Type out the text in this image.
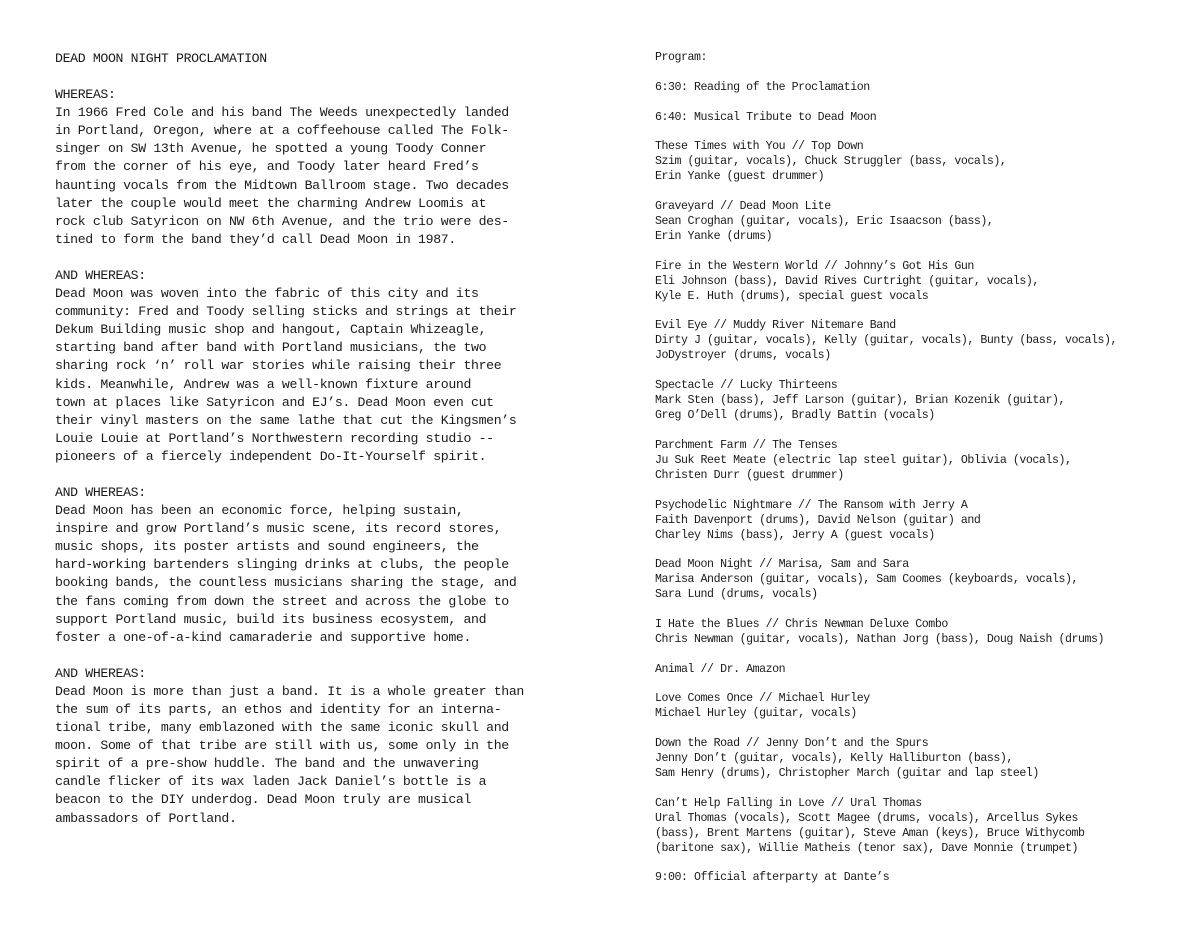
DEAD MOON NIGHT PROCLAMATION
WHEREAS:

In 1966 Fred Cole and his band The Weeds unexpectedly landed

in Portland, Oregon, where at a coffeehouse called The Folk-

singer on SW 13th Avenue, he spotted a young Toody Conner

from the corner of his eye, and Toody later heard Fred’s

haunting vocals from the Midtown Ballroom stage. Two decades

later the couple would meet the charming Andrew Loomis at

rock club Satyricon on NW 6th Avenue, and the trio were des-

tined to form the band they’d call Dead Moon in 1987.

AND WHEREAS:

Dead Moon was woven into the fabric of this city and its

community: Fred and Toody selling sticks and strings at their

Dekum Building music shop and hangout, Captain Whizeagle,

starting band after band with Portland musicians, the two

sharing rock ‘n’ roll war stories while raising their three

kids. Meanwhile, Andrew was a well-known fixture around

town at places like Satyricon and EJ’s. Dead Moon even cut

their vinyl masters on the same lathe that cut the Kingsmen’s

Louie Louie at Portland’s Northwestern recording studio --

pioneers of a fiercely independent Do-It-Yourself spirit.

AND WHEREAS:

Dead Moon has been an economic force, helping sustain,

inspire and grow Portland’s music scene, its record stores,

music shops, its poster artists and sound engineers, the

hard-working bartenders slinging drinks at clubs, the people

booking bands, the countless musicians sharing the stage, and

the fans coming from down the street and across the globe to

support Portland music, build its business ecosystem, and

foster a one-of-a-kind camaraderie and supportive home.

AND WHEREAS:

Dead Moon is more than just a band. It is a whole greater than

the sum of its parts, an ethos and identity for an interna-

tional tribe, many emblazoned with the same iconic skull and

moon. Some of that tribe are still with us, some only in the

spirit of a pre-show huddle. The band and the unwavering

candle flicker of its wax laden Jack Daniel’s bottle is a

beacon to the DIY underdog. Dead Moon truly are musical

ambassadors of Portland.

Program:

6:30: Reading of the Proclamation

6:40: Musical Tribute to Dead Moon

These Times with You // Top Down

Szim (guitar, vocals), Chuck Struggler (bass, vocals),

Erin Yanke (guest drummer)

Graveyard // Dead Moon Lite

Sean Croghan (guitar, vocals), Eric Isaacson (bass),

Erin Yanke (drums)

Fire in the Western World // Johnny’s Got His Gun

Eli Johnson (bass), David Rives Curtright (guitar, vocals),

Kyle E. Huth (drums), special guest vocals

Evil Eye // Muddy River Nitemare Band

Dirty J (guitar, vocals), Kelly (guitar, vocals), Bunty (bass, vocals),

JoDystroyer (drums, vocals)

Spectacle // Lucky Thirteens

Mark Sten (bass), Jeff Larson (guitar), Brian Kozenik (guitar),

Greg O’Dell (drums), Bradly Battin (vocals)

Parchment Farm // The Tenses

Ju Suk Reet Meate (electric lap steel guitar), Oblivia (vocals),

Christen Durr (guest drummer)

Psychodelic Nightmare // The Ransom with Jerry A

Faith Davenport (drums), David Nelson (guitar) and

Charley Nims (bass), Jerry A (guest vocals)

Dead Moon Night // Marisa, Sam and Sara

Marisa Anderson (guitar, vocals), Sam Coomes (keyboards, vocals),

Sara Lund (drums, vocals)

I Hate the Blues // Chris Newman Deluxe Combo

Chris Newman (guitar, vocals), Nathan Jorg (bass), Doug Naish (drums)

Animal // Dr. Amazon

Love Comes Once // Michael Hurley

Michael Hurley (guitar, vocals)

Down the Road // Jenny Don’t and the Spurs

Jenny Don’t (guitar, vocals), Kelly Halliburton (bass),

Sam Henry (drums), Christopher March (guitar and lap steel)

Can’t Help Falling in Love // Ural Thomas

Ural Thomas (vocals), Scott Magee (drums, vocals), Arcellus Sykes

(bass), Brent Martens (guitar), Steve Aman (keys), Bruce Withycomb

(baritone sax), Willie Matheis (tenor sax), Dave Monnie (trumpet)

9:00: Official afterparty at Dante’s
